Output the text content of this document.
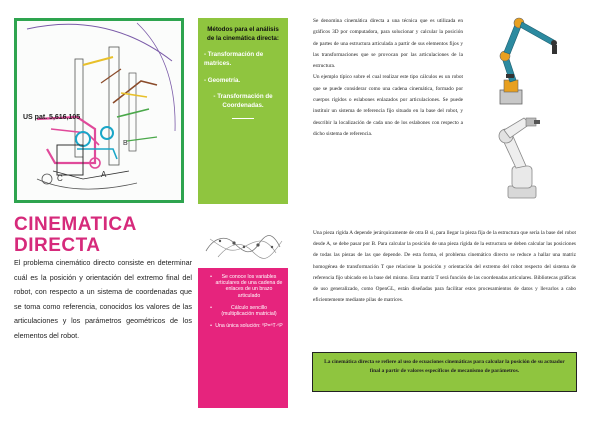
C	A
B
US pat. 5,616,105
CINEMATICA
DIRECTA

El problema cinemático directo consiste en determinar cuál es la posición y orientación del extremo final del robot, con respecto a un sistema de coordenadas que se toma como referencia, conocidos los valores de las articulaciones y los parámetros geométricos de los elementos del robot.

Métodos para el análisis de la cinemática directa:
- Transformación de matrices.
- Geometría.
- Transformación de Coordenadas.
•	Se conoce los variables articulares de una cadena de enlaces de un brazo articulado
•	Cálculo sencillo (multiplicación matricial)
• Una única solución: ⁰P=ⁿT·ⁿP

Se denomina cinemática directa a una técnica que es utilizada en gráficos 3D por computadora, para solucionar y calcular la posición de partes de una estructura articulada a partir de sus elementos fijos y las transformaciones que se provocan por las articulaciones de la estructura.

Un ejemplo típico sobre el cual realizar este tipo cálculos es un robot que se puede considerar como una cadena cinemática, formado por cuerpos rígidos o eslabones enlazados por articulaciones. Se puede instituir un sistema de referencia fijo situado en la base del robot, y describir la localización de cada uno de los eslabones con respecto a dicho sistema de referencia.

Una pieza rígida A depende jerárquicamente de otra B si, para llegar la pieza fija de la estructura que sería la base del robot desde A, se debe pasar por B. Para calcular la posición de una pieza rígida de la estructura se deben calcular las posiciones de todas las piezas de las que depende. De esta forma, el problema cinemático directo se reduce a hallar una matriz homogénea de transformación T que relacione la posición y orientación del extremo del robot respecto del sistema de referencia fijo ubicado en la base del mismo. Esta matriz T será función de las coordenadas articulares. Bibliotecas gráficas de uso generalizado, como OpenGL, están diseñadas para facilitar estos procesamientos de datos y llevarlos a cabo eficientemente mediante pilas de matrices.
La cinemática directa se refiere al uso de ecuaciones cinemáticas para calcular la posición de su actuador final a partir de valores específicos de mecanismo de parámetros.
